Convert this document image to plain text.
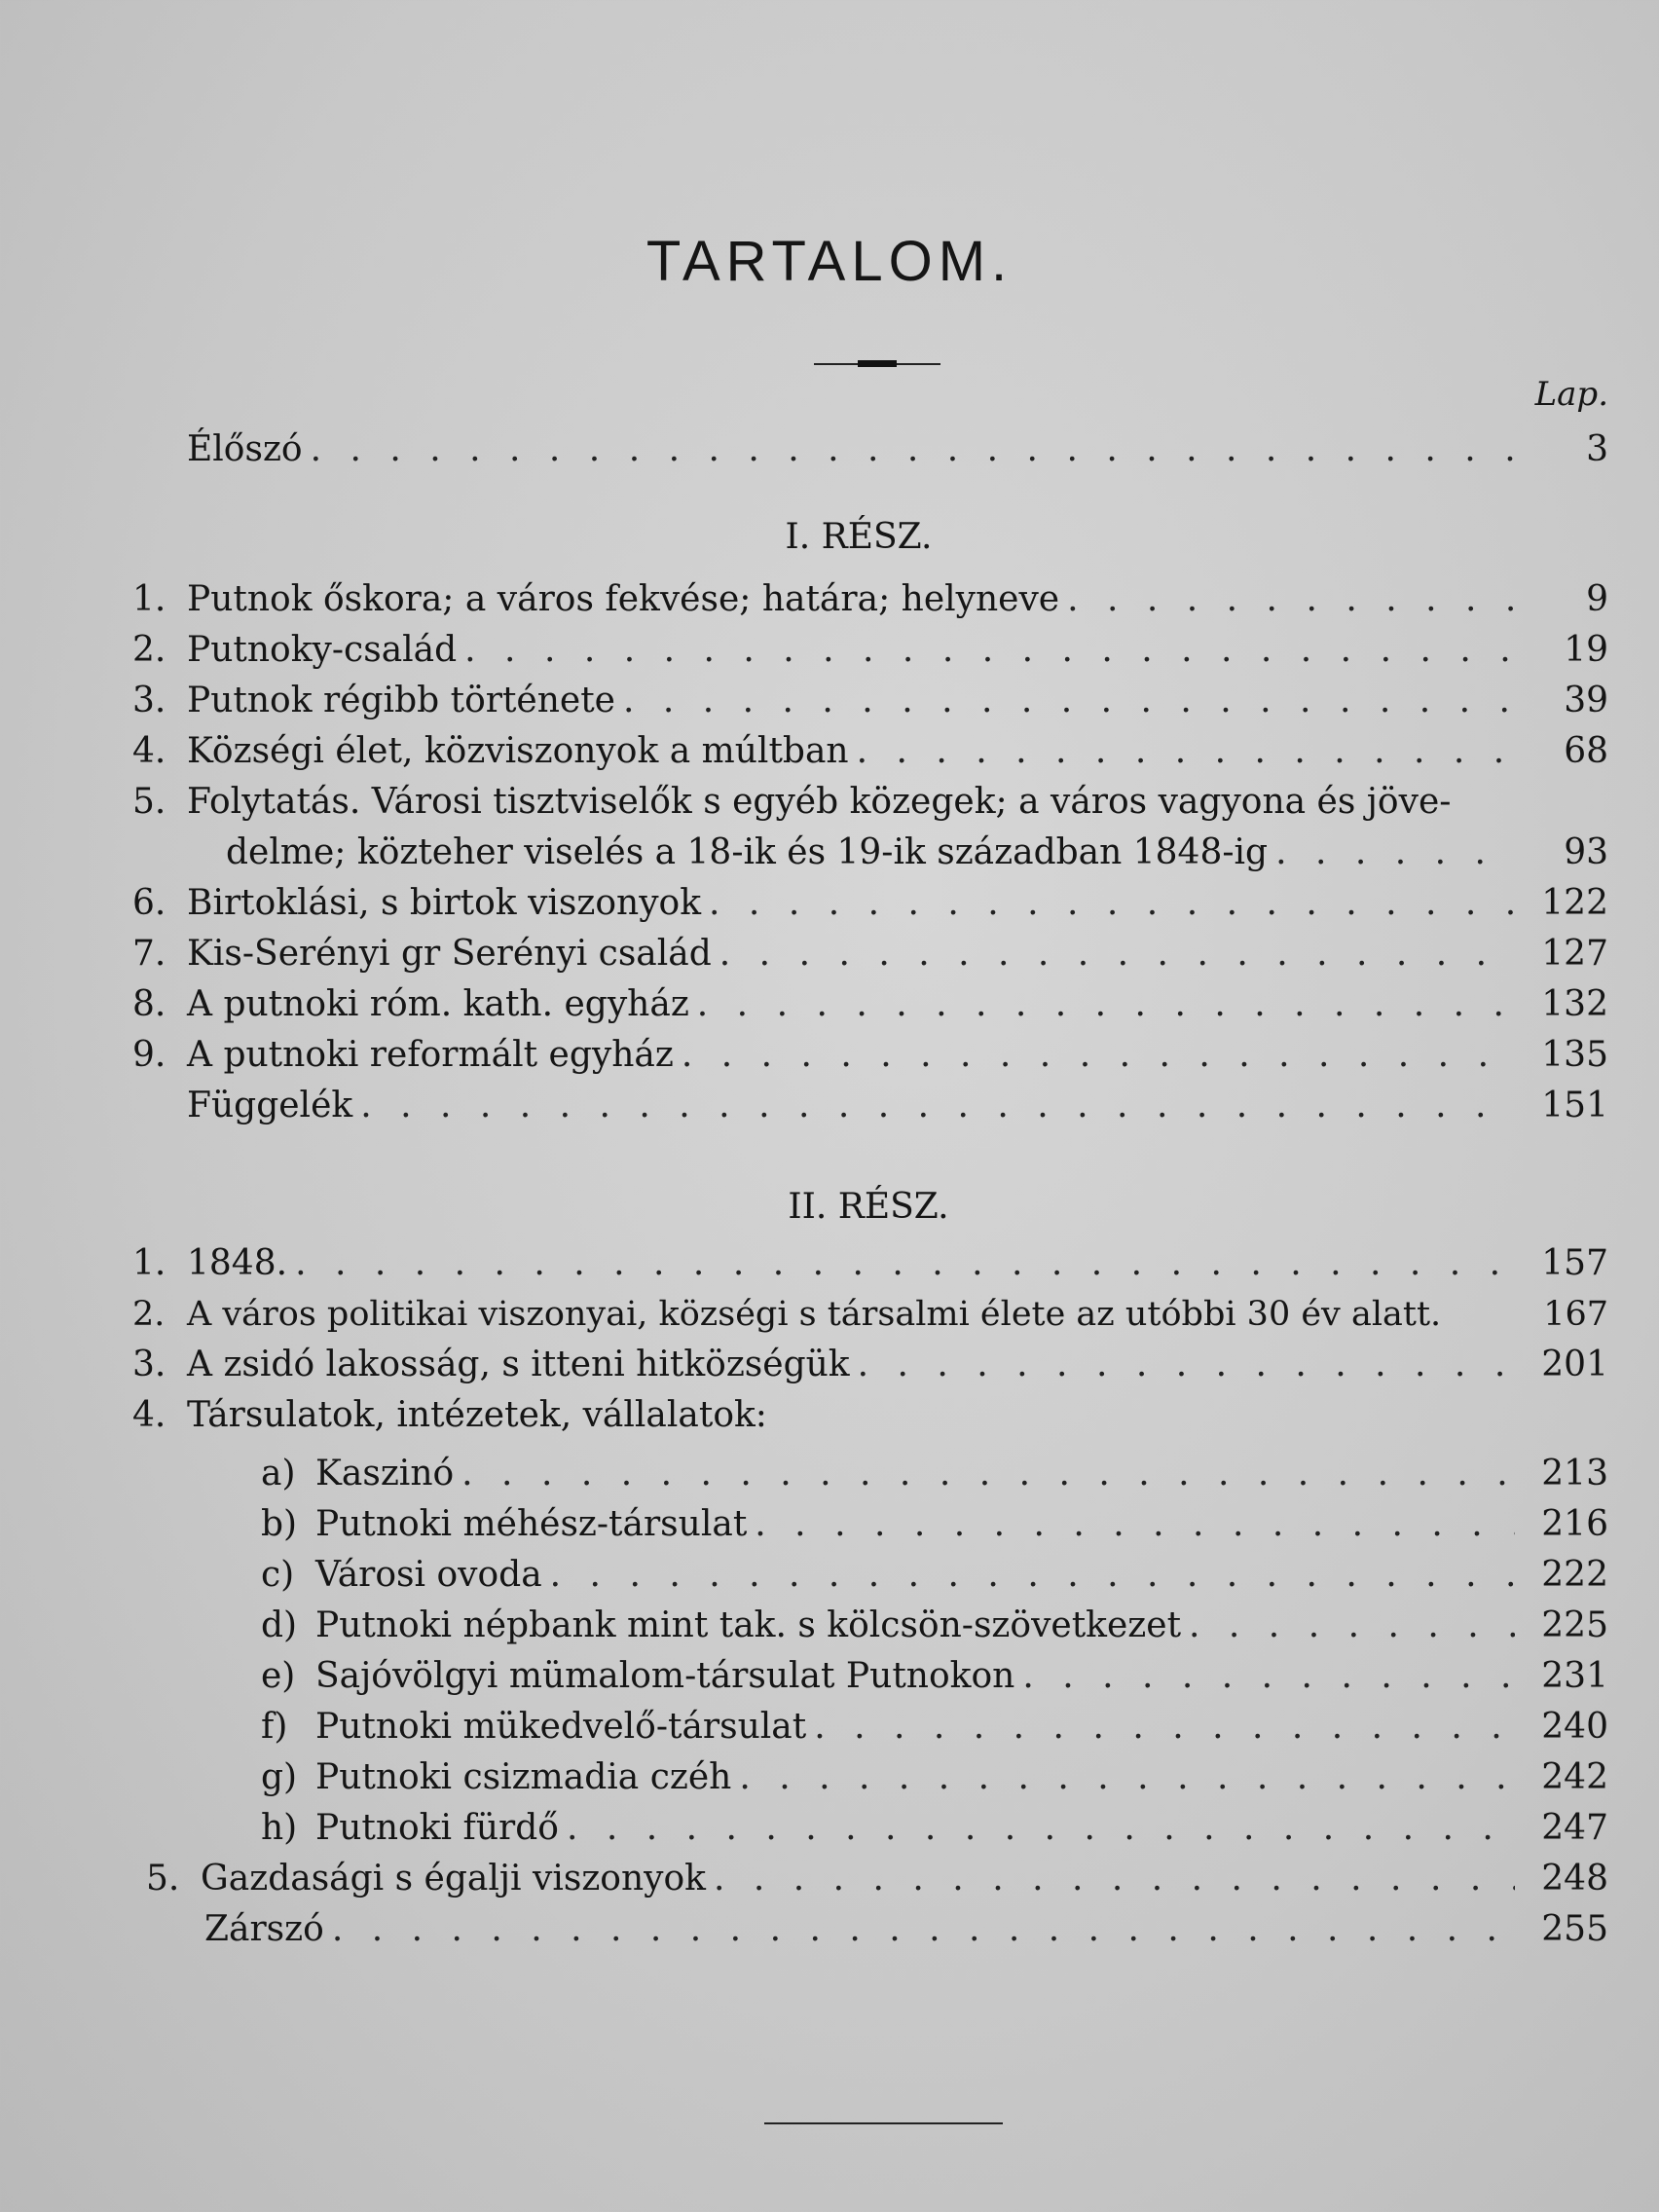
TARTALOM.
Lap.
Élőszó . . .	3
I. RÉSZ.
1. Putnok őskora; a város fekvése; határa; helyneve . . .	9
2. Putnoky-család . . .	19
3. Putnok régibb története . . .	39
4. Községi élet, közviszonyok a múltban . . .	68
5. Folytatás. Városi tisztviselők s egyéb közegek; a város vagyona és jöve-
delme; közteher viselés a 18-ik és 19-ik században 1848-ig . . .	93
6. Birtoklási, s birtok viszonyok . . .	122
7. Kis-Serényi gr Serényi család . . .	127
8. A putnoki róm. kath. egyház . . .	132
9. A putnoki reformált egyház . . .	135
Függelék . . .	151
II. RÉSZ.
1. 1848. . . .	157
2. A város politikai viszonyai, községi s társalmi élete az utóbbi 30 év alatt.	167
3. A zsidó lakosság, s itteni hitközségük . . .	201
4. Társulatok, intézetek, vállalatok:
a) Kaszinó . . .	213
b) Putnoki méhész-társulat . . .	216
c) Városi ovoda . . .	222
d) Putnoki népbank mint tak. s kölcsön-szövetkezet . . .	225
e) Sajóvölgyi mümalom-társulat Putnokon . . .	231
f) Putnoki mükedvelő-társulat . . .	240
g) Putnoki csizmadia czéh . . .	242
h) Putnoki fürdő . . .	247
5. Gazdasági s égalji viszonyok . . .	248
Zárszó . . .	255
